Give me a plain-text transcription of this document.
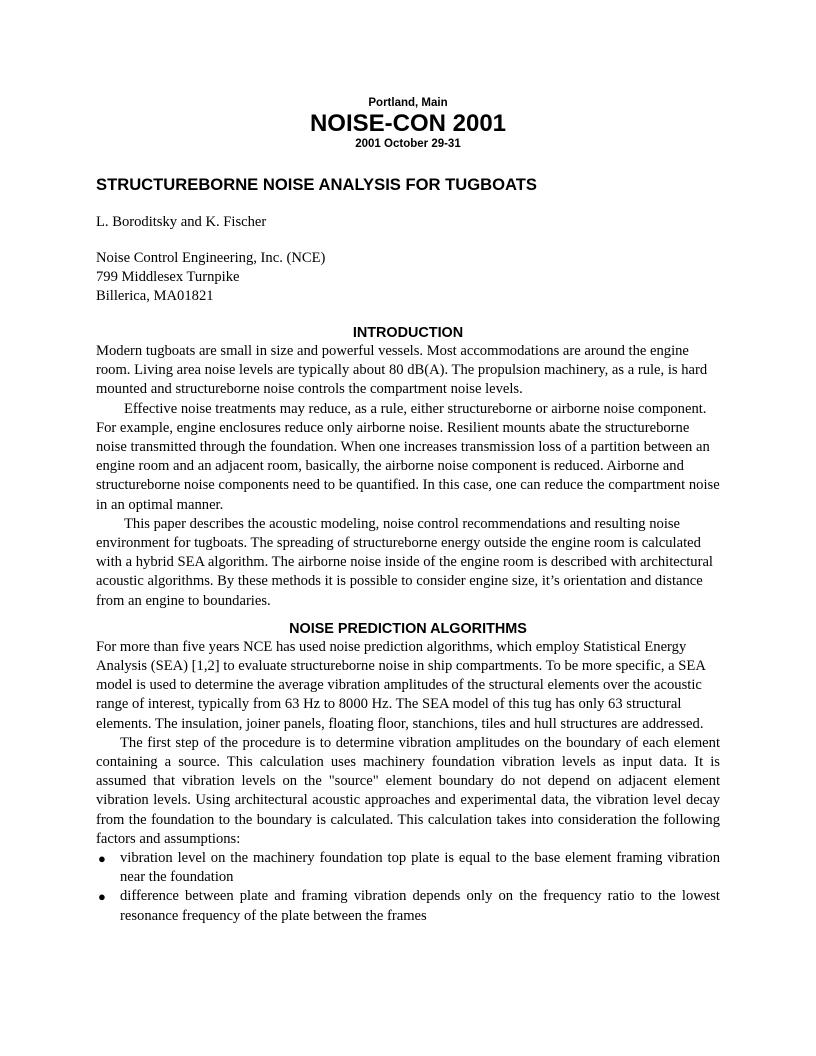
Portland, Main
NOISE-CON 2001
2001 October 29-31
STRUCTUREBORNE NOISE ANALYSIS FOR TUGBOATS
L. Boroditsky and K. Fischer
Noise Control Engineering, Inc. (NCE)
799 Middlesex Turnpike
Billerica, MA01821
INTRODUCTION

Modern tugboats are small in size and powerful vessels. Most accommodations are around the engine room. Living area noise levels are typically about 80 dB(A). The propulsion machinery, as a rule, is hard mounted and structureborne noise controls the compartment noise levels.

Effective noise treatments may reduce, as a rule, either structureborne or airborne noise component. For example, engine enclosures reduce only airborne noise. Resilient mounts abate the structureborne noise transmitted through the foundation. When one increases transmission loss of a partition between an engine room and an adjacent room, basically, the airborne noise component is reduced. Airborne and structureborne noise components need to be quantified. In this case, one can reduce the compartment noise in an optimal manner.

This paper describes the acoustic modeling, noise control recommendations and resulting noise environment for tugboats. The spreading of structureborne energy outside the engine room is calculated with a hybrid SEA algorithm. The airborne noise inside of the engine room is described with architectural acoustic algorithms. By these methods it is possible to consider engine size, it’s orientation and distance from an engine to boundaries.

NOISE PREDICTION ALGORITHMS

For more than five years NCE has used noise prediction algorithms, which employ Statistical Energy Analysis (SEA) [1,2] to evaluate structureborne noise in ship compartments. To be more specific, a SEA model is used to determine the average vibration amplitudes of the structural elements over the acoustic range of interest, typically from 63 Hz to 8000 Hz. The SEA model of this tug has only 63 structural elements. The insulation, joiner panels, floating floor, stanchions, tiles and hull structures are addressed.

The first step of the procedure is to determine vibration amplitudes on the boundary of each element containing a source. This calculation uses machinery foundation vibration levels as input data. It is assumed that vibration levels on the "source" element boundary do not depend on adjacent element vibration levels. Using architectural acoustic approaches and experimental data, the vibration level decay from the foundation to the boundary is calculated. This calculation takes into consideration the following factors and assumptions:

● vibration level on the machinery foundation top plate is equal to the base element framing vibration near the foundation
● difference between plate and framing vibration depends only on the frequency ratio to the lowest resonance frequency of the plate between the frames
